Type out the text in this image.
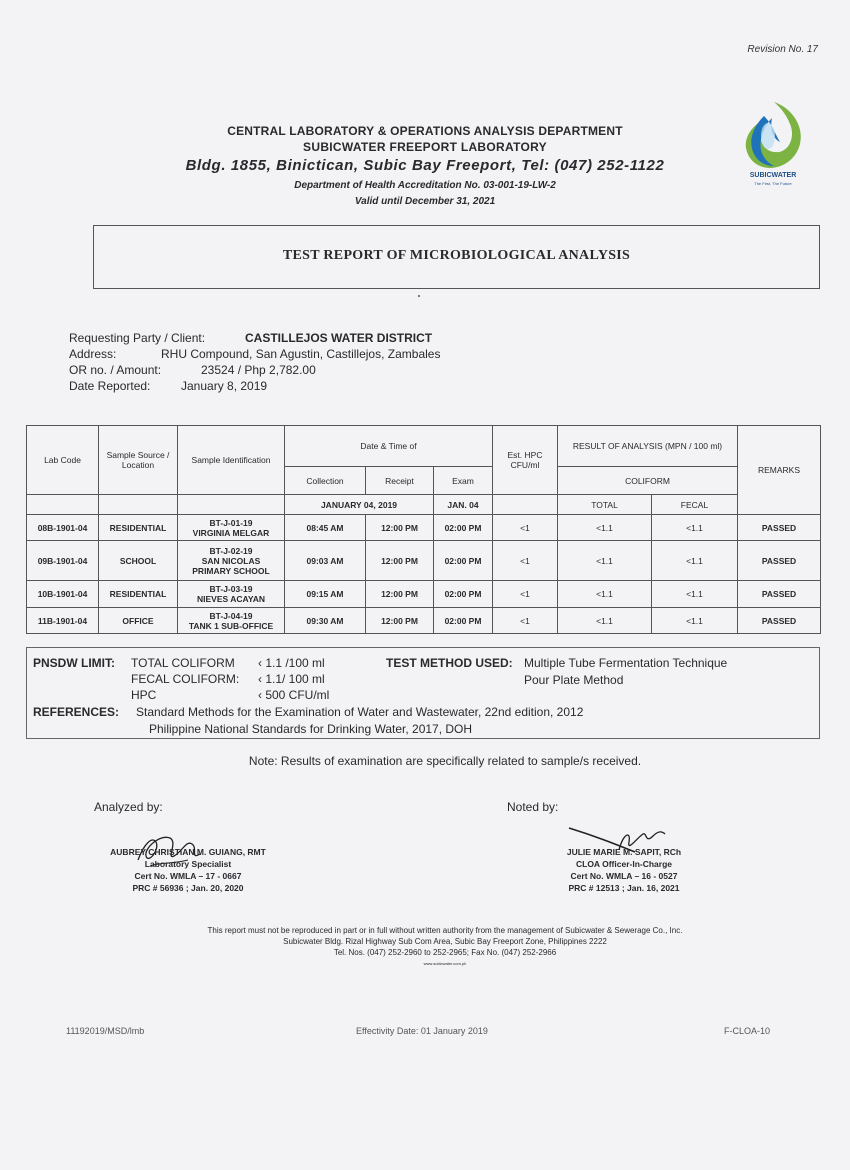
Revision No. 17
CENTRAL LABORATORY & OPERATIONS ANALYSIS DEPARTMENT
SUBICWATER FREEPORT LABORATORY
Bldg. 1855, Binictican, Subic Bay Freeport, Tel: (047) 252-1122
Department of Health Accreditation No. 03-001-19-LW-2
Valid until December 31, 2021
SUBICWATER
The First, The Future
TEST REPORT OF MICROBIOLOGICAL ANALYSIS
Requesting Party / Client:	CASTILLEJOS WATER DISTRICT
Address:	RHU Compound, San Agustin, Castillejos, Zambales
OR no. / Amount:	23524 / Php 2,782.00
Date Reported:	January 8, 2019
Lab Code	Sample Source / Location	Sample Identification	Date & Time of			Est. HPC CFU/ml	RESULT OF ANALYSIS (MPN / 100 ml)		REMARKS
			Collection	Receipt	Exam		COLIFORM		
			JANUARY 04, 2019		JAN. 04		TOTAL	FECAL	
08B-1901-04	RESIDENTIAL	BT-J-01-19
VIRGINIA MELGAR	08:45 AM	12:00 PM	02:00 PM	<1	<1.1	<1.1	PASSED
09B-1901-04	SCHOOL	BT-J-02-19
SAN NICOLAS
PRIMARY SCHOOL	09:03 AM	12:00 PM	02:00 PM	<1	<1.1	<1.1	PASSED
10B-1901-04	RESIDENTIAL	BT-J-03-19
NIEVES ACAYAN	09:15 AM	12:00 PM	02:00 PM	<1	<1.1	<1.1	PASSED
11B-1901-04	OFFICE	BT-J-04-19
TANK 1 SUB-OFFICE	09:30 AM	12:00 PM	02:00 PM	<1	<1.1	<1.1	PASSED
PNSDW LIMIT: TOTAL COLIFORM ‹ 1.1 /100 ml
FECAL COLIFORM: ‹ 1.1/ 100 ml
HPC	‹ 500 CFU/ml
TEST METHOD USED: Multiple Tube Fermentation Technique
Pour Plate Method
REFERENCES: Standard Methods for the Examination of Water and Wastewater, 22nd edition, 2012
Philippine National Standards for Drinking Water, 2017, DOH
Note: Results of examination are specifically related to sample/s received.
Analyzed by:	Noted by:
AUBREY CHRISTIAN M. GUIANG, RMT
Laboratory Specialist
Cert No. WMLA – 17 - 0667
PRC # 56936 ; Jan. 20, 2020
JULIE MARIE M. SAPIT, RCh
CLOA Officer-In-Charge
Cert No. WMLA – 16 - 0527
PRC # 12513 ; Jan. 16, 2021
This report must not be reproduced in part or in full without written authority from the management of Subicwater & Sewerage Co., Inc.
Subicwater Bldg. Rizal Highway Sub Com Area, Subic Bay Freeport Zone, Philippines 2222
Tel. Nos. (047) 252-2960 to 252-2965; Fax No. (047) 252-2966
www.subicwater.com.ph
11192019/MSD/lmb	Effectivity Date: 01 January 2019	F-CLOA-10
